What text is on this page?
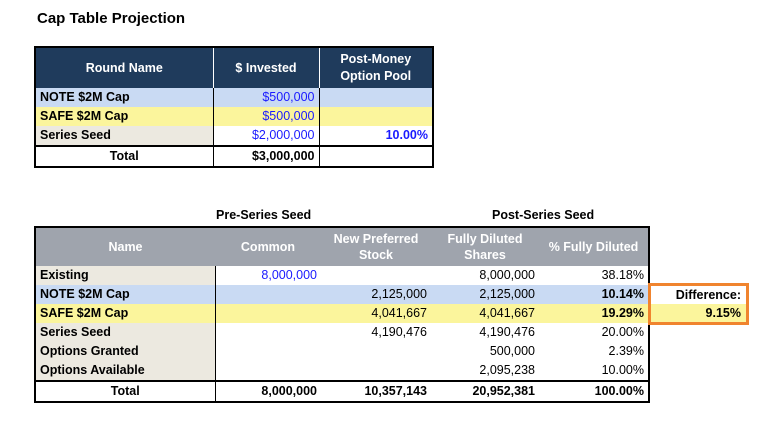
Cap Table Projection
Round Name	$ Invested	Post-Money Option Pool
NOTE $2M Cap	$500,000	
SAFE $2M Cap	$500,000	
Series Seed	$2,000,000	10.00%
Total	$3,000,000	
Pre-Series Seed	Post-Series Seed
Name	Common	New Preferred Stock	Fully Diluted Shares	% Fully Diluted
Existing	8,000,000		8,000,000	38.18%
NOTE $2M Cap		2,125,000	2,125,000	10.14%
SAFE $2M Cap		4,041,667	4,041,667	19.29%
Series Seed		4,190,476	4,190,476	20.00%
Options Granted			500,000	2.39%
Options Available			2,095,238	10.00%
Total	8,000,000	10,357,143	20,952,381	100.00%
Difference:
9.15%
